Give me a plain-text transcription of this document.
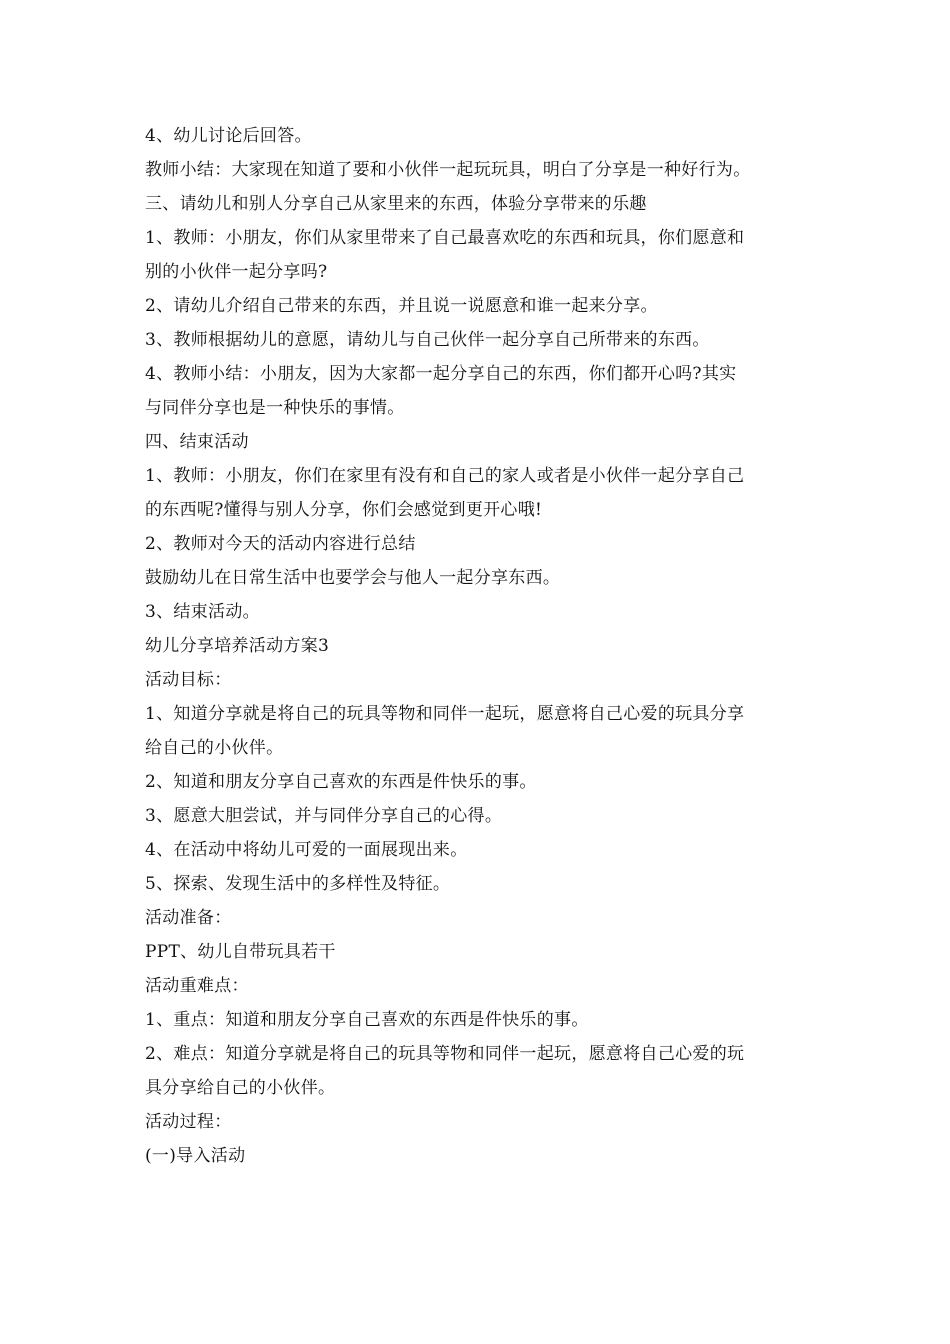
4、幼儿讨论后回答。
教师小结：大家现在知道了要和小伙伴一起玩玩具，明白了分享是一种好行为。
三、请幼儿和别人分享自己从家里来的东西，体验分享带来的乐趣
1、教师：小朋友，你们从家里带来了自己最喜欢吃的东西和玩具，你们愿意和
别的小伙伴一起分享吗?
2、请幼儿介绍自己带来的东西，并且说一说愿意和谁一起来分享。
3、教师根据幼儿的意愿，请幼儿与自己伙伴一起分享自己所带来的东西。
4、教师小结：小朋友，因为大家都一起分享自己的东西，你们都开心吗?其实
与同伴分享也是一种快乐的事情。
四、结束活动
1、教师：小朋友，你们在家里有没有和自己的家人或者是小伙伴一起分享自己
的东西呢?懂得与别人分享，你们会感觉到更开心哦!
2、教师对今天的活动内容进行总结
鼓励幼儿在日常生活中也要学会与他人一起分享东西。
3、结束活动。
幼儿分享培养活动方案3
活动目标：
1、知道分享就是将自己的玩具等物和同伴一起玩，愿意将自己心爱的玩具分享
给自己的小伙伴。
2、知道和朋友分享自己喜欢的东西是件快乐的事。
3、愿意大胆尝试，并与同伴分享自己的心得。
4、在活动中将幼儿可爱的一面展现出来。
5、探索、发现生活中的多样性及特征。
活动准备：
PPT、幼儿自带玩具若干
活动重难点：
1、重点：知道和朋友分享自己喜欢的东西是件快乐的事。
2、难点：知道分享就是将自己的玩具等物和同伴一起玩，愿意将自己心爱的玩
具分享给自己的小伙伴。
活动过程：
(一)导入活动
